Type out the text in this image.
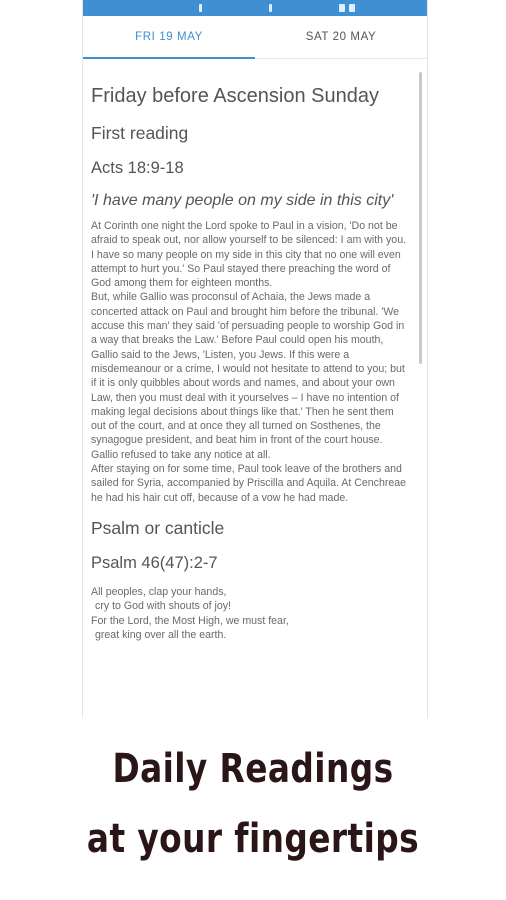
FRI 19 MAY	SAT 20 MAY
Friday before Ascension Sunday
First reading
Acts 18:9-18
'I have many people on my side in this city'

At Corinth one night the Lord spoke to Paul in a vision, 'Do not be afraid to speak out, nor allow yourself to be silenced: I am with you. I have so many people on my side in this city that no one will even attempt to hurt you.' So Paul stayed there preaching the word of God among them for eighteen months.

But, while Gallio was proconsul of Achaia, the Jews made a concerted attack on Paul and brought him before the tribunal. 'We accuse this man' they said 'of persuading people to worship God in a way that breaks the Law.' Before Paul could open his mouth, Gallio said to the Jews, 'Listen, you Jews. If this were a misdemeanour or a crime, I would not hesitate to attend to you; but if it is only quibbles about words and names, and about your own Law, then you must deal with it yourselves – I have no intention of making legal decisions about things like that.' Then he sent them out of the court, and at once they all turned on Sosthenes, the synagogue president, and beat him in front of the court house. Gallio refused to take any notice at all.

After staying on for some time, Paul took leave of the brothers and sailed for Syria, accompanied by Priscilla and Aquila. At Cenchreae he had his hair cut off, because of a vow he had made.

Psalm or canticle
Psalm 46(47):2-7

All peoples, clap your hands,

cry to God with shouts of joy!

For the Lord, the Most High, we must fear,

great king over all the earth.

Daily Readings
at your fingertips
